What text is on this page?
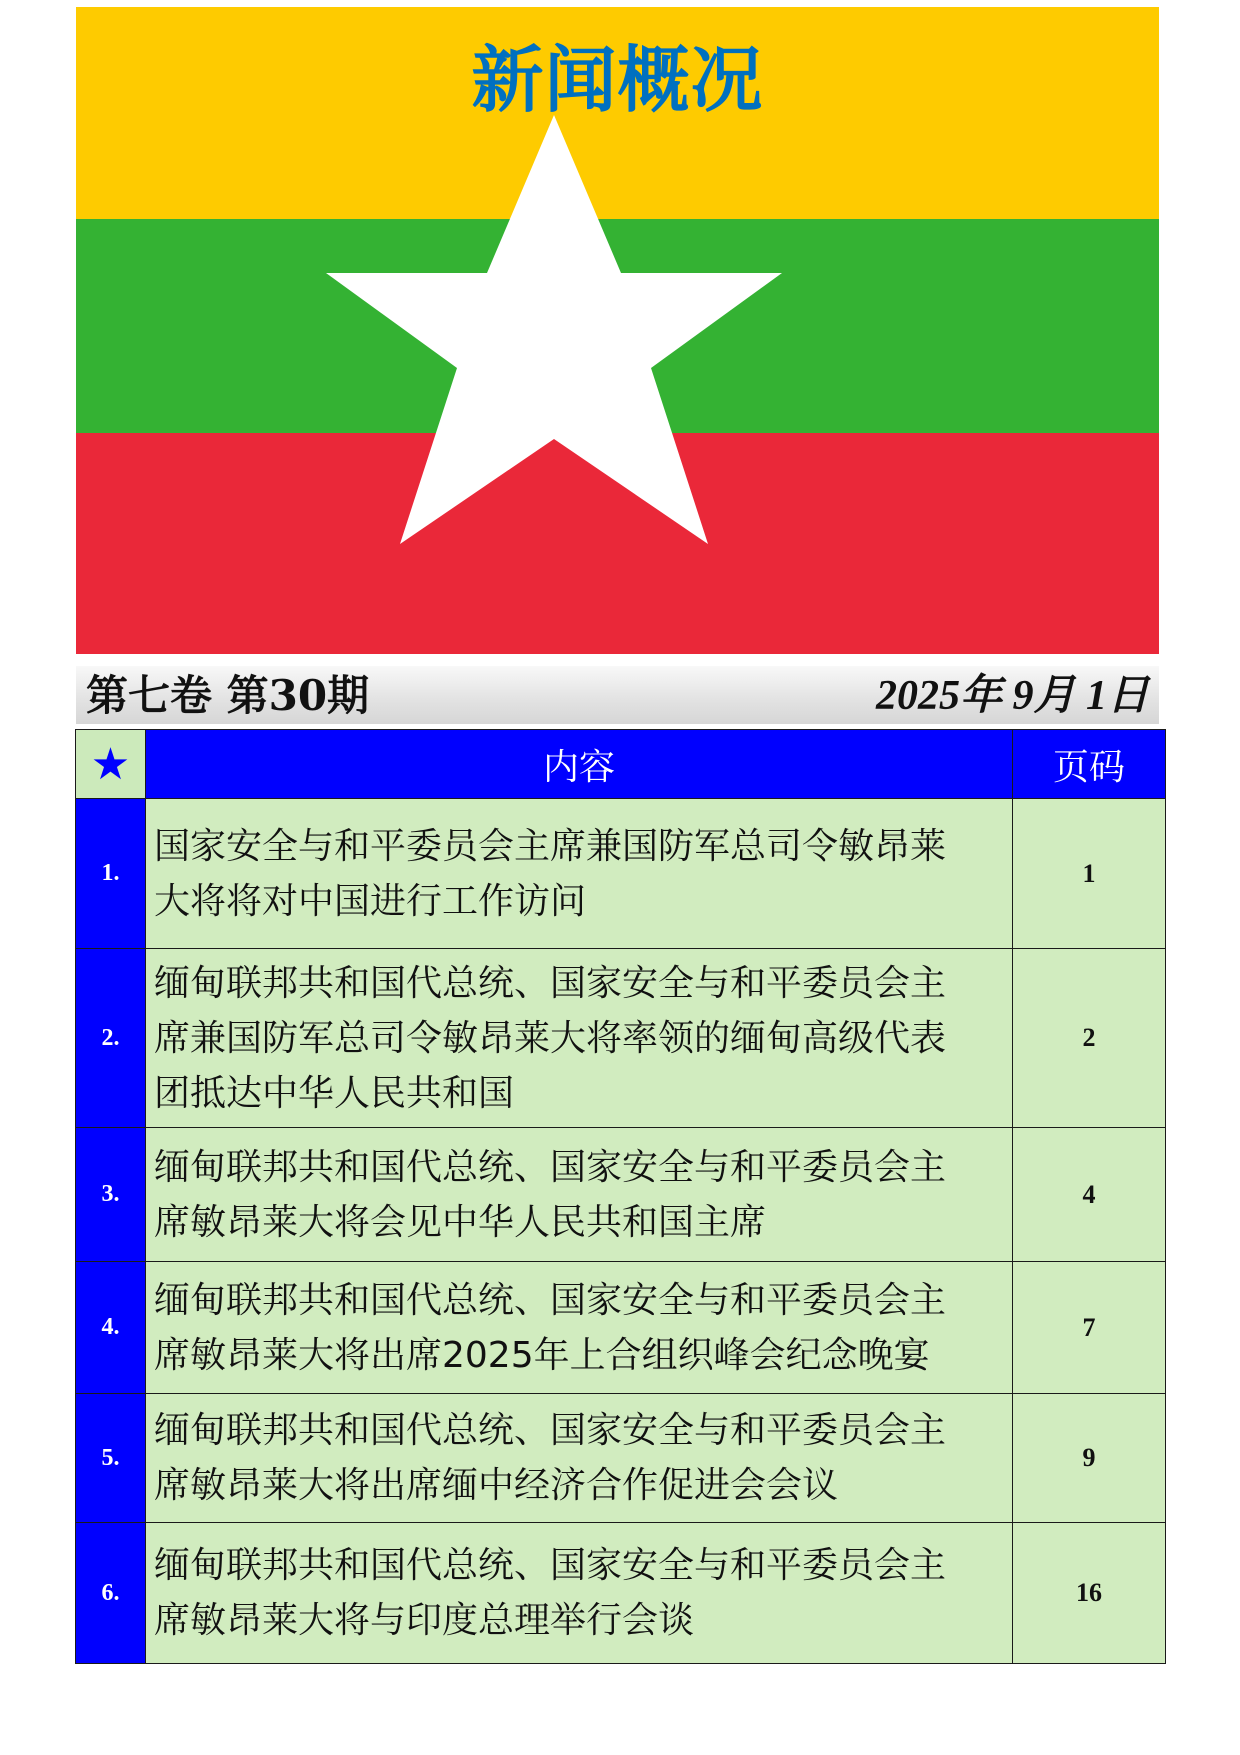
新闻概况
第七卷 第30期	2025年 9月 1日
★	内容	页码
1.	国家安全与和平委员会主席兼国防军总司令敏昂莱
大将将对中国进行工作访问	1
2.	缅甸联邦共和国代总统、国家安全与和平委员会主
席兼国防军总司令敏昂莱大将率领的缅甸高级代表
团抵达中华人民共和国	2
3.	缅甸联邦共和国代总统、国家安全与和平委员会主
席敏昂莱大将会见中华人民共和国主席	4
4.	缅甸联邦共和国代总统、国家安全与和平委员会主
席敏昂莱大将出席2025年上合组织峰会纪念晚宴	7
5.	缅甸联邦共和国代总统、国家安全与和平委员会主
席敏昂莱大将出席缅中经济合作促进会会议	9
6.	缅甸联邦共和国代总统、国家安全与和平委员会主
席敏昂莱大将与印度总理举行会谈	16
